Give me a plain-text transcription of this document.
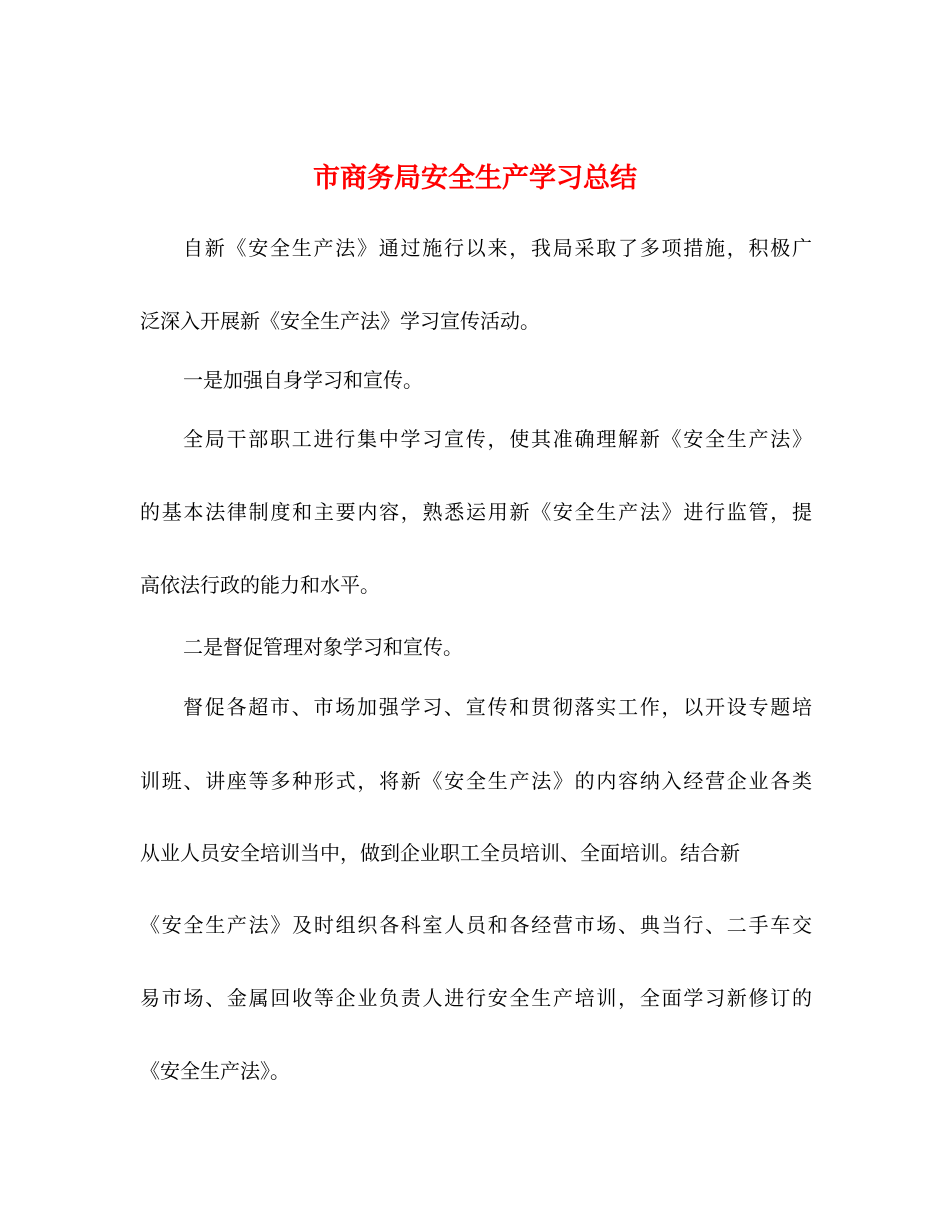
市商务局安全生产学习总结
自新《安全生产法》通过施行以来，我局采取了多项措施，积极广
泛深入开展新《安全生产法》学习宣传活动。
一是加强自身学习和宣传。
全局干部职工进行集中学习宣传，使其准确理解新《安全生产法》
的基本法律制度和主要内容，熟悉运用新《安全生产法》进行监管，提
高依法行政的能力和水平。
二是督促管理对象学习和宣传。
督促各超市、市场加强学习、宣传和贯彻落实工作，以开设专题培
训班、讲座等多种形式，将新《安全生产法》的内容纳入经营企业各类
从业人员安全培训当中，做到企业职工全员培训、全面培训。结合新
《安全生产法》及时组织各科室人员和各经营市场、典当行、二手车交
易市场、金属回收等企业负责人进行安全生产培训，全面学习新修订的
《安全生产法》。
